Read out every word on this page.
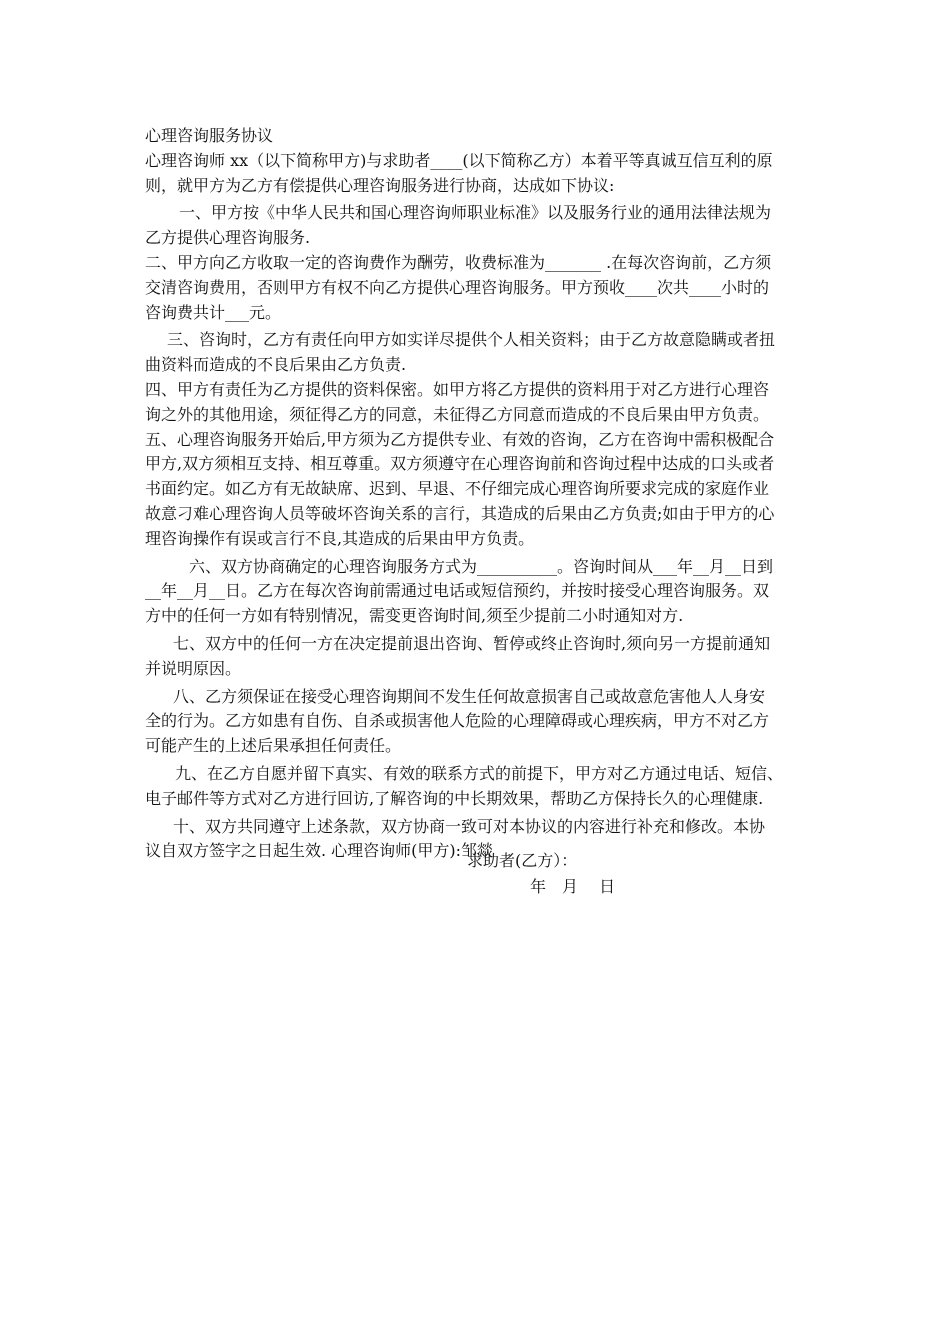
心理咨询服务协议
心理咨询师 xx（以下简称甲方)与求助者____(以下简称乙方）本着平等真诚互信互利的原
则，就甲方为乙方有偿提供心理咨询服务进行协商，达成如下协议:
一、甲方按《中华人民共和国心理咨询师职业标准》以及服务行业的通用法律法规为
乙方提供心理咨询服务.
二、甲方向乙方收取一定的咨询费作为酬劳，收费标准为_______ .在每次咨询前，乙方须
交清咨询费用，否则甲方有权不向乙方提供心理咨询服务。甲方预收____次共____小时的
咨询费共计___元。
三、咨询时，乙方有责任向甲方如实详尽提供个人相关资料；由于乙方故意隐瞒或者扭
曲资料而造成的不良后果由乙方负责.
四、甲方有责任为乙方提供的资料保密。如甲方将乙方提供的资料用于对乙方进行心理咨
询之外的其他用途，须征得乙方的同意，未征得乙方同意而造成的不良后果由甲方负责。
五、心理咨询服务开始后,甲方须为乙方提供专业、有效的咨询，乙方在咨询中需积极配合
甲方,双方须相互支持、相互尊重。双方须遵守在心理咨询前和咨询过程中达成的口头或者
书面约定。如乙方有无故缺席、迟到、早退、不仔细完成心理咨询所要求完成的家庭作业
故意刁难心理咨询人员等破坏咨询关系的言行，其造成的后果由乙方负责;如由于甲方的心
理咨询操作有误或言行不良,其造成的后果由甲方负责。
六、双方协商确定的心理咨询服务方式为__________。咨询时间从___年__月__日到
__年__月__日。乙方在每次咨询前需通过电话或短信预约，并按时接受心理咨询服务。双
方中的任何一方如有特别情况，需变更咨询时间,须至少提前二小时通知对方.
七、双方中的任何一方在决定提前退出咨询、暂停或终止咨询时,须向另一方提前通知
并说明原因。
八、乙方须保证在接受心理咨询期间不发生任何故意损害自己或故意危害他人人身安
全的行为。乙方如患有自伤、自杀或损害他人危险的心理障碍或心理疾病，甲方不对乙方
可能产生的上述后果承担任何责任。
九、在乙方自愿并留下真实、有效的联系方式的前提下，甲方对乙方通过电话、短信、
电子邮件等方式对乙方进行回访,了解咨询的中长期效果，帮助乙方保持长久的心理健康.
十、双方共同遵守上述条款，双方协商一致可对本协议的内容进行补充和修改。本协
议自双方签字之日起生效. 心理咨询师(甲方):邹燚
求助者(乙方）：
年　月　 日
